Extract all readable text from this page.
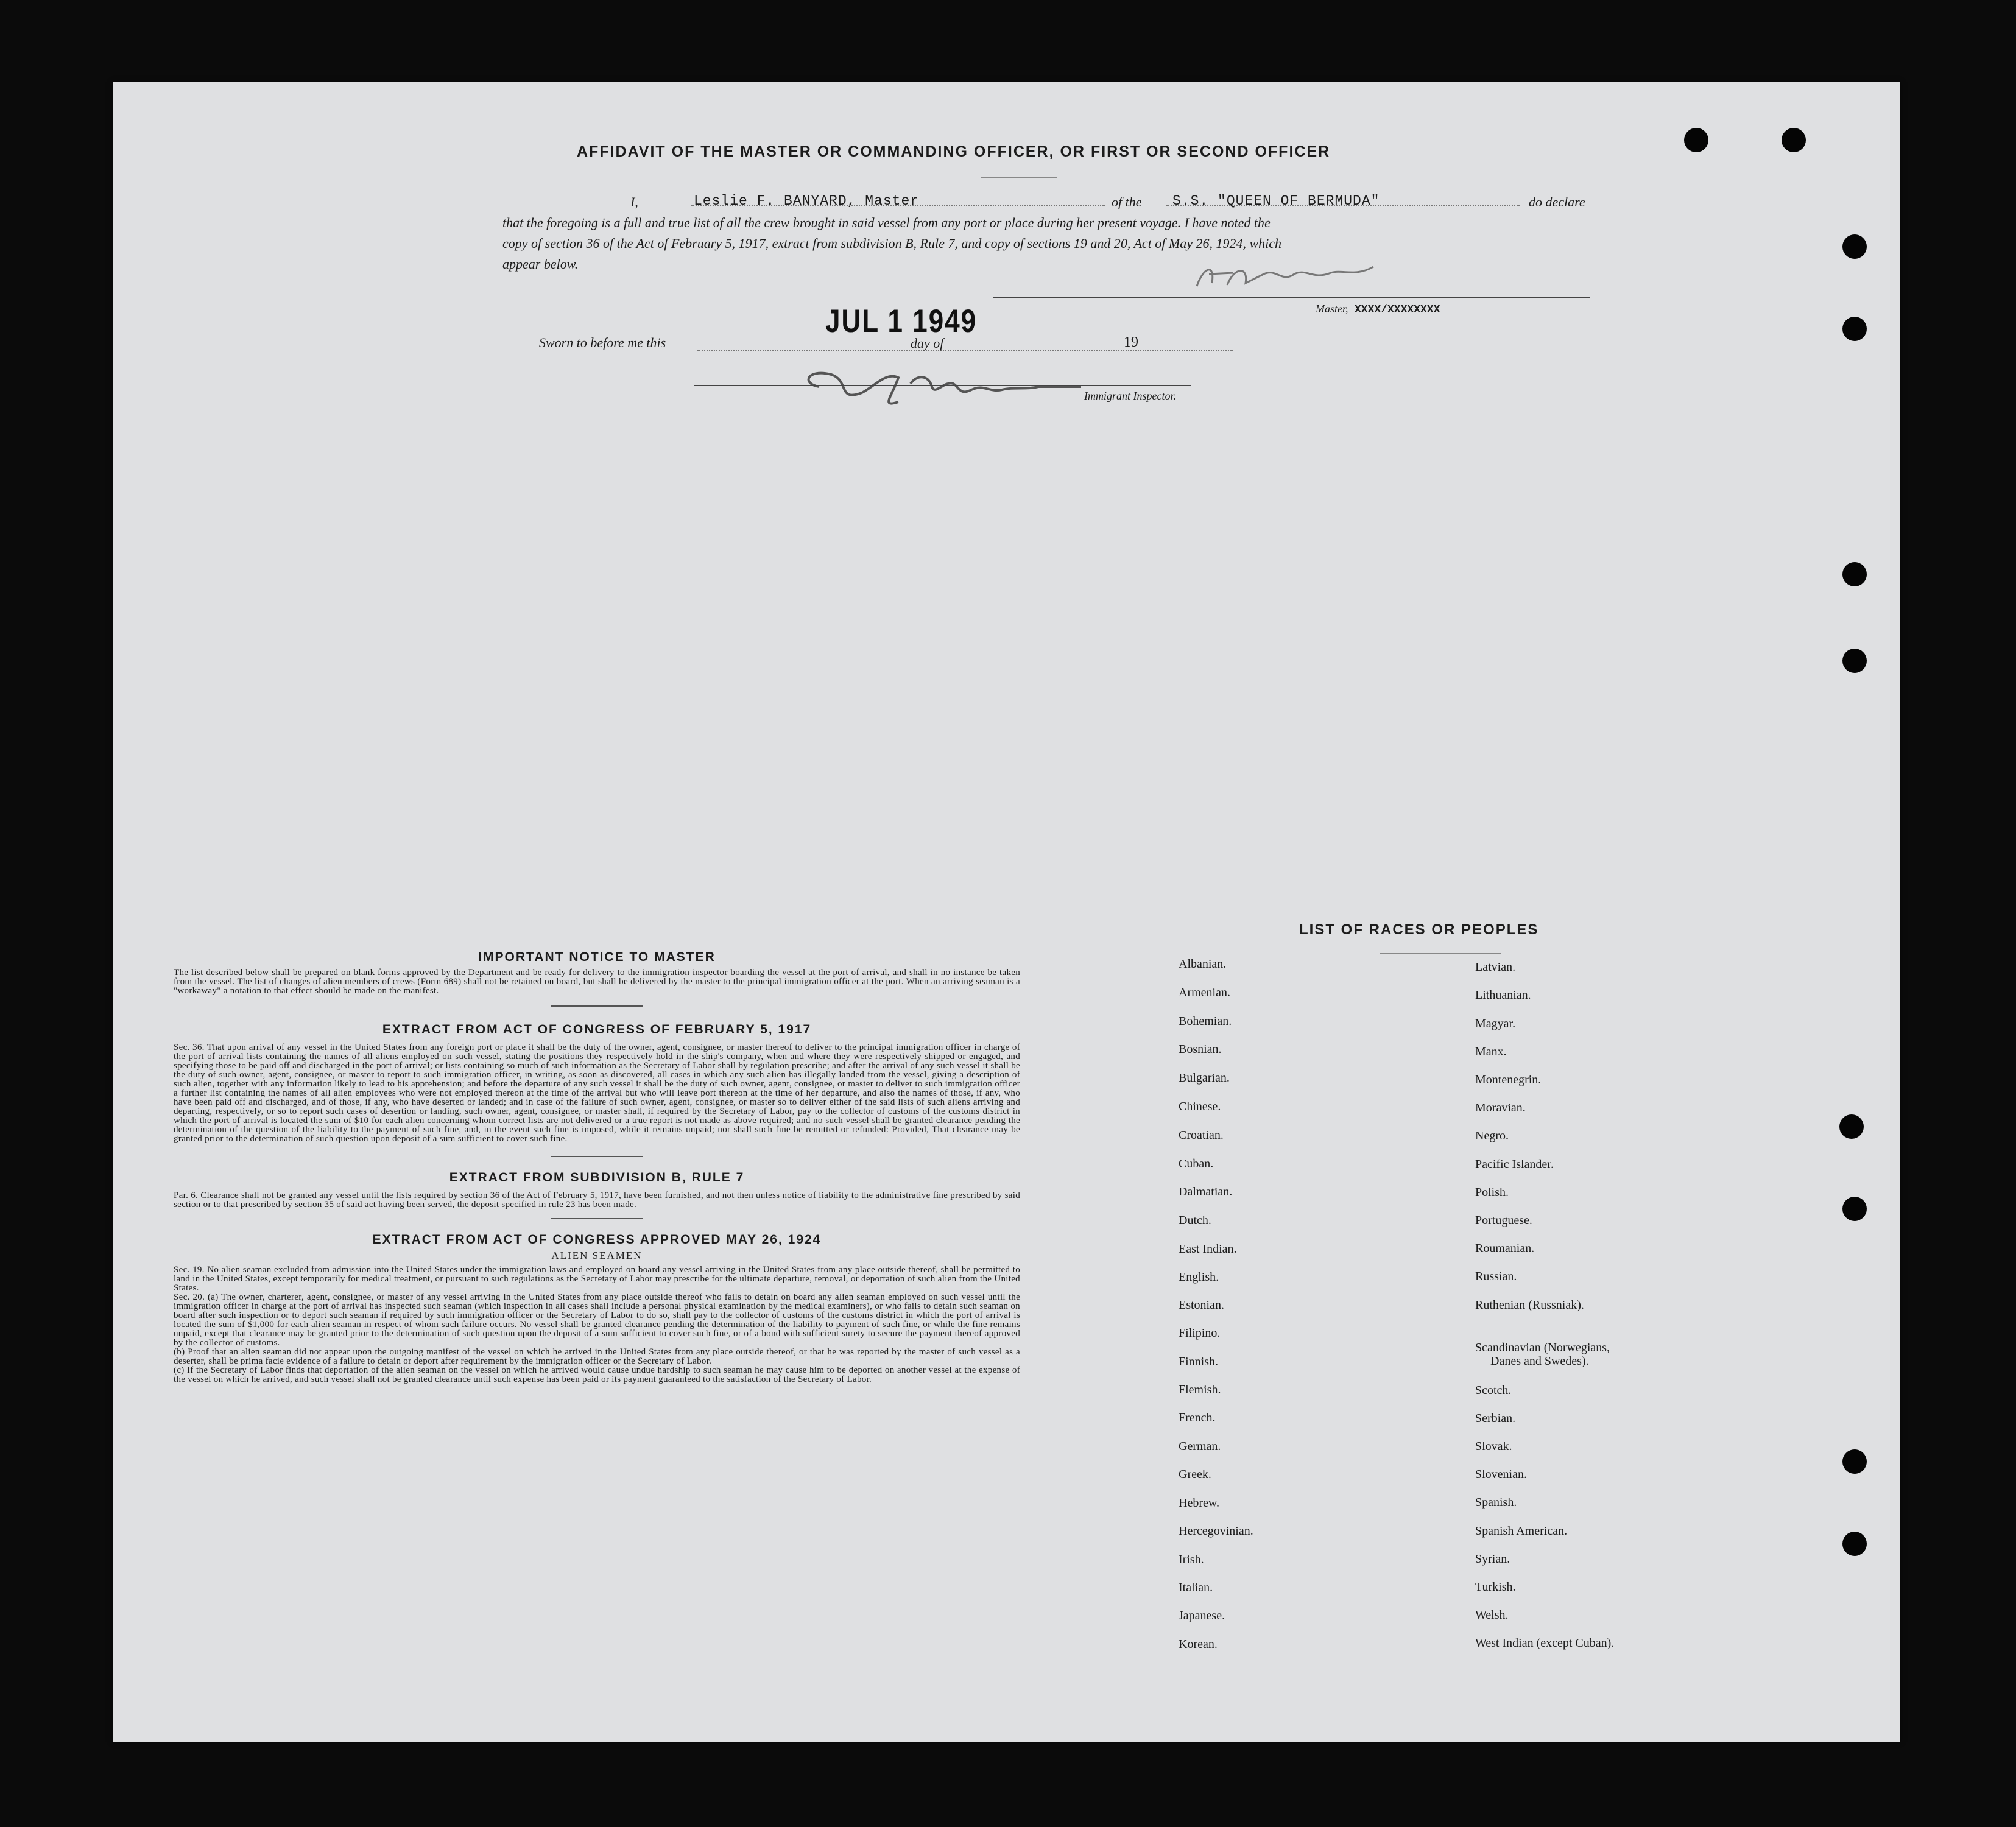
AFFIDAVIT OF THE MASTER OR COMMANDING OFFICER, OR FIRST OR SECOND OFFICER
I,	Leslie F. BANYARD, Master	of the S.S. "QUEEN OF BERMUDA"	do declare
that the foregoing is a full and true list of all the crew brought in said vessel from any port or place during her present voyage. I have noted the
copy of section 36 of the Act of February 5, 1917, extract from subdivision B, Rule 7, and copy of sections 19 and 20, Act of May 26, 1924, which
appear below.
Master, XXXX/XXXXXXXX
Sworn to before me this
JUL 1 1949
day of	19
Immigrant Inspector.
IMPORTANT NOTICE TO MASTER

The list described below shall be prepared on blank forms approved by the Department and be ready for delivery to the immigration inspector boarding the vessel at the port of arrival, and shall in no instance be taken from the vessel. The list of changes of alien members of crews (Form 689) shall not be retained on board, but shall be delivered by the master to the principal immigration officer at the port. When an arriving seaman is a "workaway" a notation to that effect should be made on the manifest.

EXTRACT FROM ACT OF CONGRESS OF FEBRUARY 5, 1917

Sec. 36. That upon arrival of any vessel in the United States from any foreign port or place it shall be the duty of the owner, agent, consignee, or master thereof to deliver to the principal immigration officer in charge of the port of arrival lists containing the names of all aliens employed on such vessel, stating the positions they respectively hold in the ship's company, when and where they were respectively shipped or engaged, and specifying those to be paid off and discharged in the port of arrival; or lists containing so much of such information as the Secretary of Labor shall by regulation prescribe; and after the arrival of any such vessel it shall be the duty of such owner, agent, consignee, or master to report to such immigration officer, in writing, as soon as discovered, all cases in which any such alien has illegally landed from the vessel, giving a description of such alien, together with any information likely to lead to his apprehension; and before the departure of any such vessel it shall be the duty of such owner, agent, consignee, or master to deliver to such immigration officer a further list containing the names of all alien employees who were not employed thereon at the time of the arrival but who will leave port thereon at the time of her departure, and also the names of those, if any, who have been paid off and discharged, and of those, if any, who have deserted or landed; and in case of the failure of such owner, agent, consignee, or master so to deliver either of the said lists of such aliens arriving and departing, respectively, or so to report such cases of desertion or landing, such owner, agent, consignee, or master shall, if required by the Secretary of Labor, pay to the collector of customs of the customs district in which the port of arrival is located the sum of $10 for each alien concerning whom correct lists are not delivered or a true report is not made as above required; and no such vessel shall be granted clearance pending the determination of the question of the liability to the payment of such fine, and, in the event such fine is imposed, while it remains unpaid; nor shall such fine be remitted or refunded: Provided, That clearance may be granted prior to the determination of such question upon deposit of a sum sufficient to cover such fine.

EXTRACT FROM SUBDIVISION B, RULE 7

Par. 6. Clearance shall not be granted any vessel until the lists required by section 36 of the Act of February 5, 1917, have been furnished, and not then unless notice of liability to the administrative fine prescribed by said section or to that prescribed by section 35 of said act having been served, the deposit specified in rule 23 has been made.

EXTRACT FROM ACT OF CONGRESS APPROVED MAY 26, 1924
ALIEN SEAMEN

Sec. 19. No alien seaman excluded from admission into the United States under the immigration laws and employed on board any vessel arriving in the United States from any place outside thereof, shall be permitted to land in the United States, except temporarily for medical treatment, or pursuant to such regulations as the Secretary of Labor may prescribe for the ultimate departure, removal, or deportation of such alien from the United States.

Sec. 20. (a) The owner, charterer, agent, consignee, or master of any vessel arriving in the United States from any place outside thereof who fails to detain on board any alien seaman employed on such vessel until the immigration officer in charge at the port of arrival has inspected such seaman (which inspection in all cases shall include a personal physical examination by the medical examiners), or who fails to detain such seaman on board after such inspection or to deport such seaman if required by such immigration officer or the Secretary of Labor to do so, shall pay to the collector of customs of the customs district in which the port of arrival is located the sum of $1,000 for each alien seaman in respect of whom such failure occurs. No vessel shall be granted clearance pending the determination of the liability to payment of such fine, or while the fine remains unpaid, except that clearance may be granted prior to the determination of such question upon the deposit of a sum sufficient to cover such fine, or of a bond with sufficient surety to secure the payment thereof approved by the collector of customs.

(b) Proof that an alien seaman did not appear upon the outgoing manifest of the vessel on which he arrived in the United States from any place outside thereof, or that he was reported by the master of such vessel as a deserter, shall be prima facie evidence of a failure to detain or deport after requirement by the immigration officer or the Secretary of Labor.

(c) If the Secretary of Labor finds that deportation of the alien seaman on the vessel on which he arrived would cause undue hardship to such seaman he may cause him to be deported on another vessel at the expense of the vessel on which he arrived, and such vessel shall not be granted clearance until such expense has been paid or its payment guaranteed to the satisfaction of the Secretary of Labor.

LIST OF RACES OR PEOPLES
Albanian.
Armenian.
Bohemian.
Bosnian.
Bulgarian.
Chinese.
Croatian.
Cuban.
Dalmatian.
Dutch.
East Indian.
English.
Estonian.
Filipino.
Finnish.
Flemish.
French.
German.
Greek.
Hebrew.
Hercegovinian.
Irish.
Italian.
Japanese.
Korean.
Latvian.
Lithuanian.
Magyar.
Manx.
Montenegrin.
Moravian.
Negro.
Pacific Islander.
Polish.
Portuguese.
Roumanian.
Russian.
Ruthenian (Russniak).
Scandinavian (Norwegians,
Scotch.
Serbian.
Slovak.
Slovenian.
Spanish.
Spanish American.
Syrian.
Turkish.
Welsh.
West Indian (except Cuban).
Danes and Swedes).
